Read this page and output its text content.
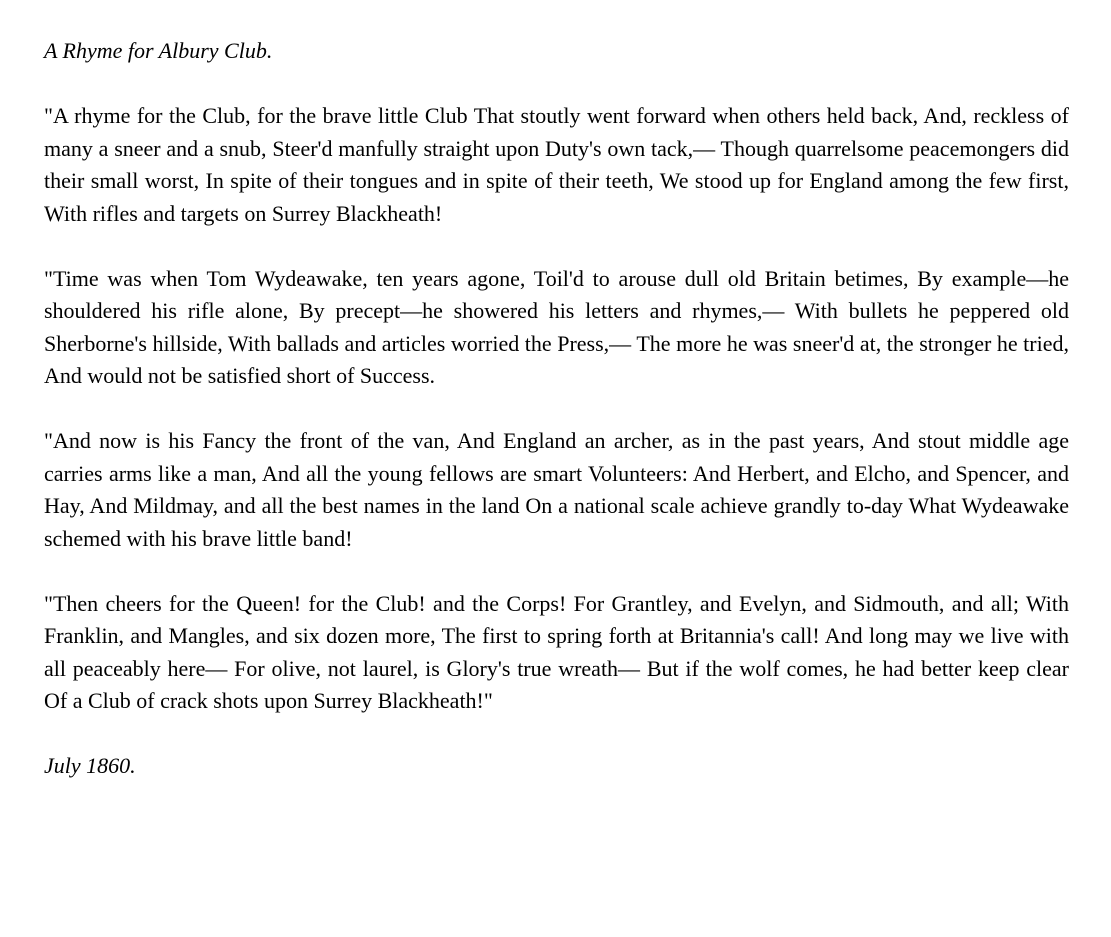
A Rhyme for Albury Club.

"A rhyme for the Club, for the brave little Club That stoutly went forward when others held back, And, reckless of many a sneer and a snub, Steer'd manfully straight upon Duty's own tack,— Though quarrelsome peacemongers did their small worst, In spite of their tongues and in spite of their teeth, We stood up for England among the few first, With rifles and targets on Surrey Blackheath!

"Time was when Tom Wydeawake, ten years agone, Toil'd to arouse dull old Britain betimes, By example—he shouldered his rifle alone, By precept—he showered his letters and rhymes,— With bullets he peppered old Sherborne's hillside, With ballads and articles worried the Press,— The more he was sneer'd at, the stronger he tried, And would not be satisfied short of Success.

"And now is his Fancy the front of the van, And England an archer, as in the past years, And stout middle age carries arms like a man, And all the young fellows are smart Volunteers: And Herbert, and Elcho, and Spencer, and Hay, And Mildmay, and all the best names in the land On a national scale achieve grandly to-day What Wydeawake schemed with his brave little band!

"Then cheers for the Queen! for the Club! and the Corps! For Grantley, and Evelyn, and Sidmouth, and all; With Franklin, and Mangles, and six dozen more, The first to spring forth at Britannia's call! And long may we live with all peaceably here— For olive, not laurel, is Glory's true wreath— But if the wolf comes, he had better keep clear Of a Club of crack shots upon Surrey Blackheath!"

July 1860.
